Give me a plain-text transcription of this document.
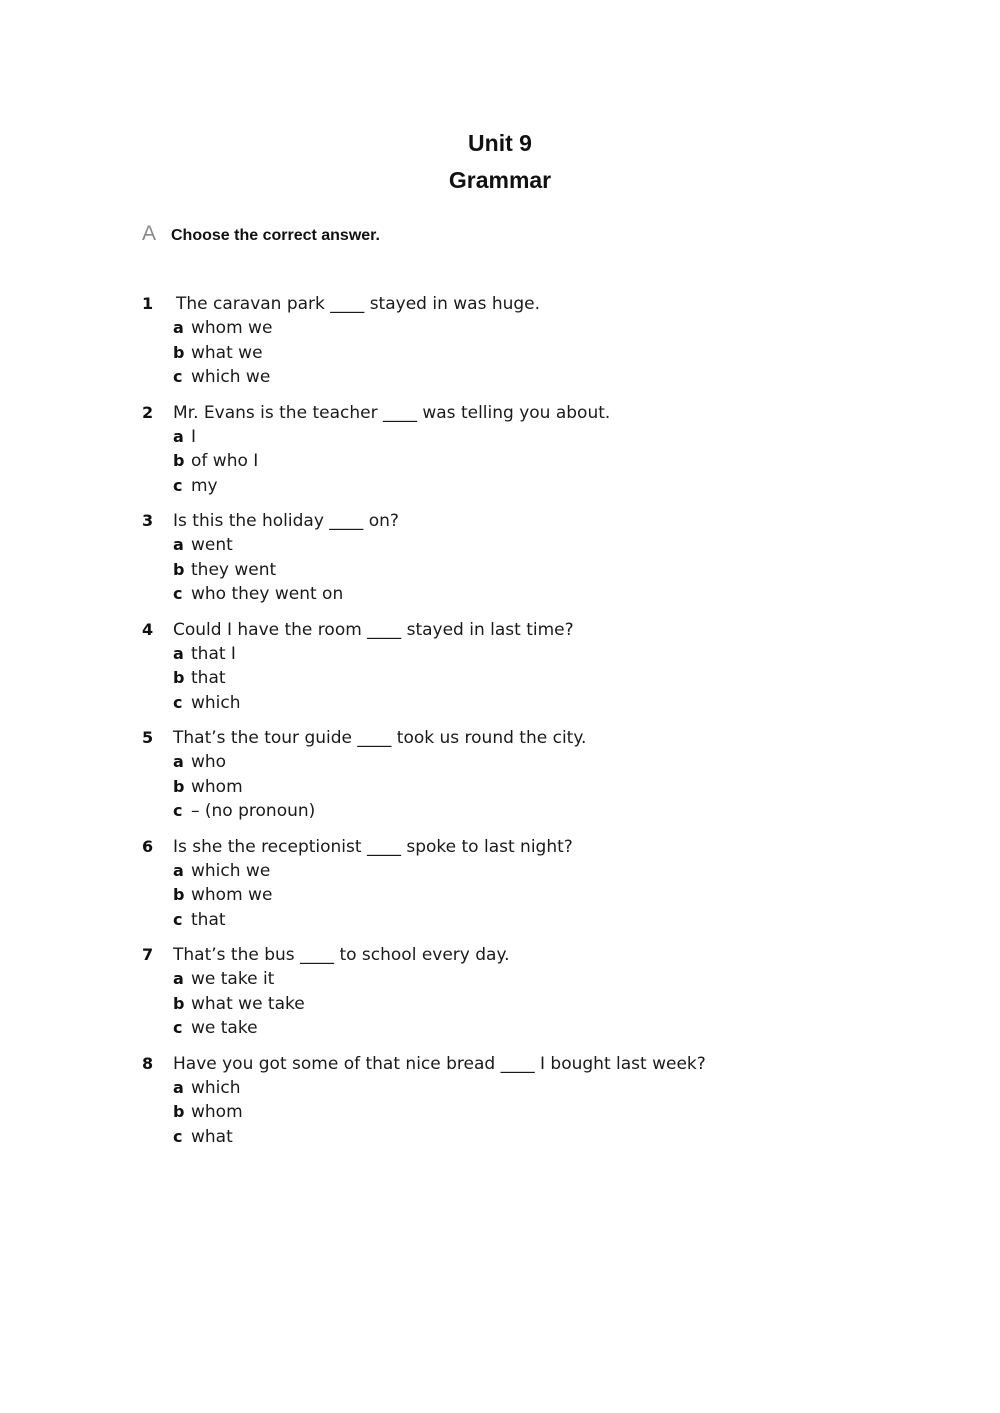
Unit 9
Grammar
A Choose the correct answer.
1	The caravan park ____ stayed in was huge.
a whom we
b what we
c which we
2	Mr. Evans is the teacher ____ was telling you about.
a I
b of who I
c my
3	Is this the holiday ____ on?
a went
b they went
c who they went on
4	Could I have the room ____ stayed in last time?
a that I
b that
c which
5	That’s the tour guide ____ took us round the city.
a who
b whom
c – (no pronoun)
6	Is she the receptionist ____ spoke to last night?
a which we
b whom we
c that
7	That’s the bus ____ to school every day.
a we take it
b what we take
c we take
8	Have you got some of that nice bread ____ I bought last week?
a which
b whom
c what
